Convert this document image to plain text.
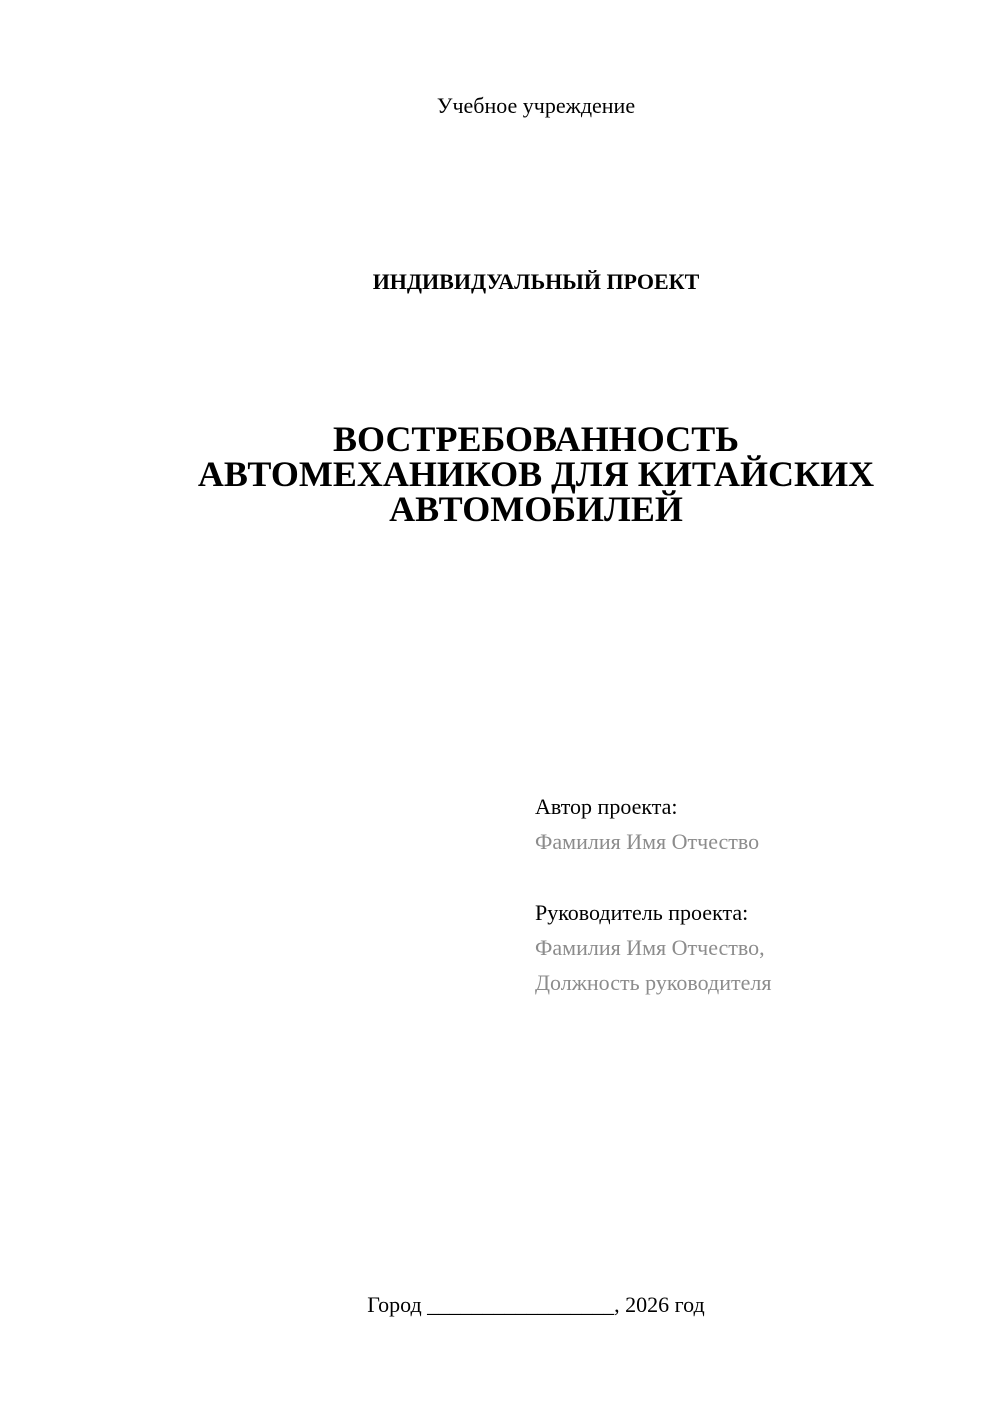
Учебное учреждение
ИНДИВИДУАЛЬНЫЙ ПРОЕКТ
ВОСТРЕБОВАННОСТЬ
АВТОМЕХАНИКОВ ДЛЯ КИТАЙСКИХ
АВТОМОБИЛЕЙ
Автор проекта:
Фамилия Имя Отчество
Руководитель проекта:
Фамилия Имя Отчество,
Должность руководителя
Город _________________, 2026 год
